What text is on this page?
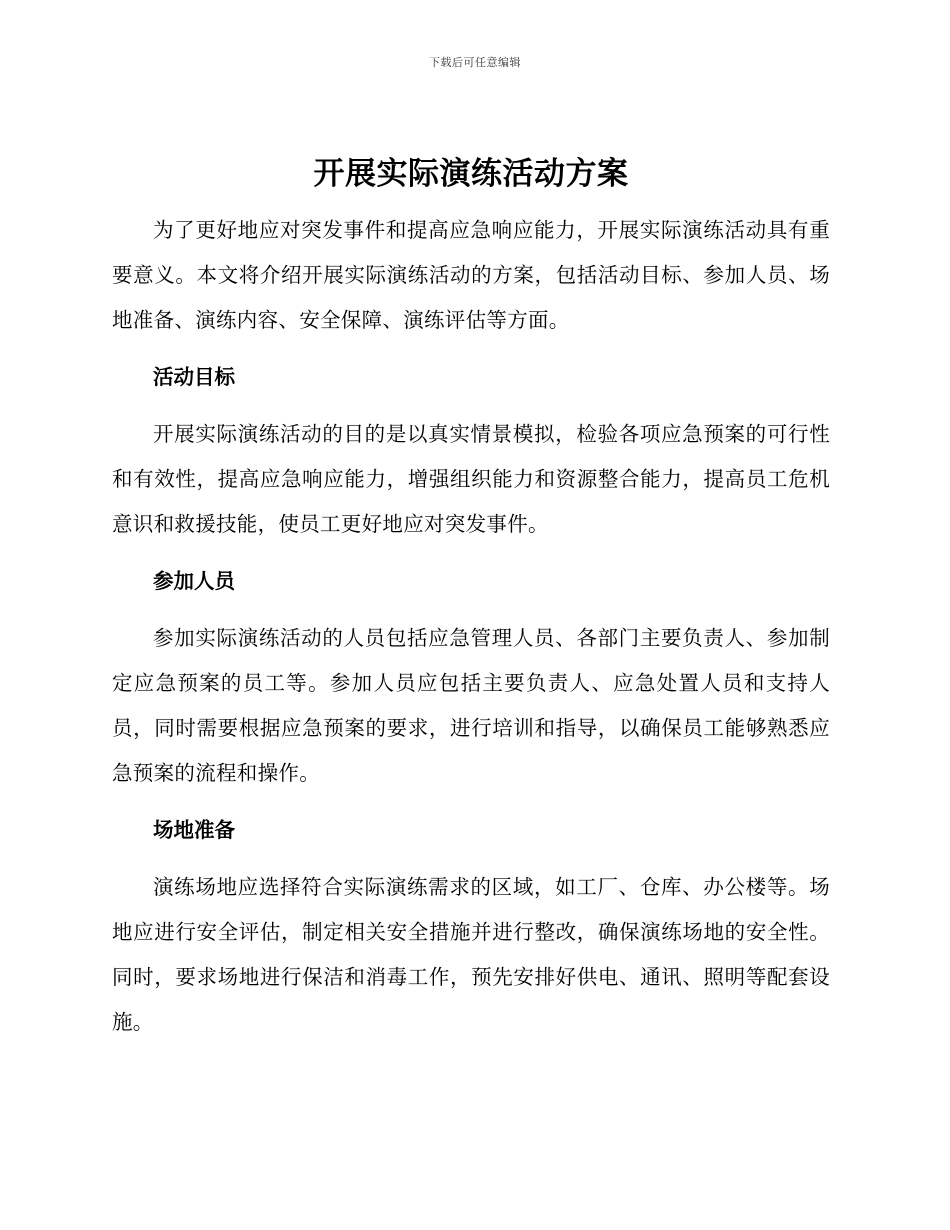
下载后可任意编辑
开展实际演练活动方案

为了更好地应对突发事件和提高应急响应能力，开展实际演练活动具有重要意义。本文将介绍开展实际演练活动的方案，包括活动目标、参加人员、场地准备、演练内容、安全保障、演练评估等方面。

活动目标

开展实际演练活动的目的是以真实情景模拟，检验各项应急预案的可行性和有效性，提高应急响应能力，增强组织能力和资源整合能力，提高员工危机意识和救援技能，使员工更好地应对突发事件。

参加人员

参加实际演练活动的人员包括应急管理人员、各部门主要负责人、参加制定应急预案的员工等。参加人员应包括主要负责人、应急处置人员和支持人员，同时需要根据应急预案的要求，进行培训和指导，以确保员工能够熟悉应急预案的流程和操作。

场地准备

演练场地应选择符合实际演练需求的区域，如工厂、仓库、办公楼等。场地应进行安全评估，制定相关安全措施并进行整改，确保演练场地的安全性。同时，要求场地进行保洁和消毒工作，预先安排好供电、通讯、照明等配套设施。
